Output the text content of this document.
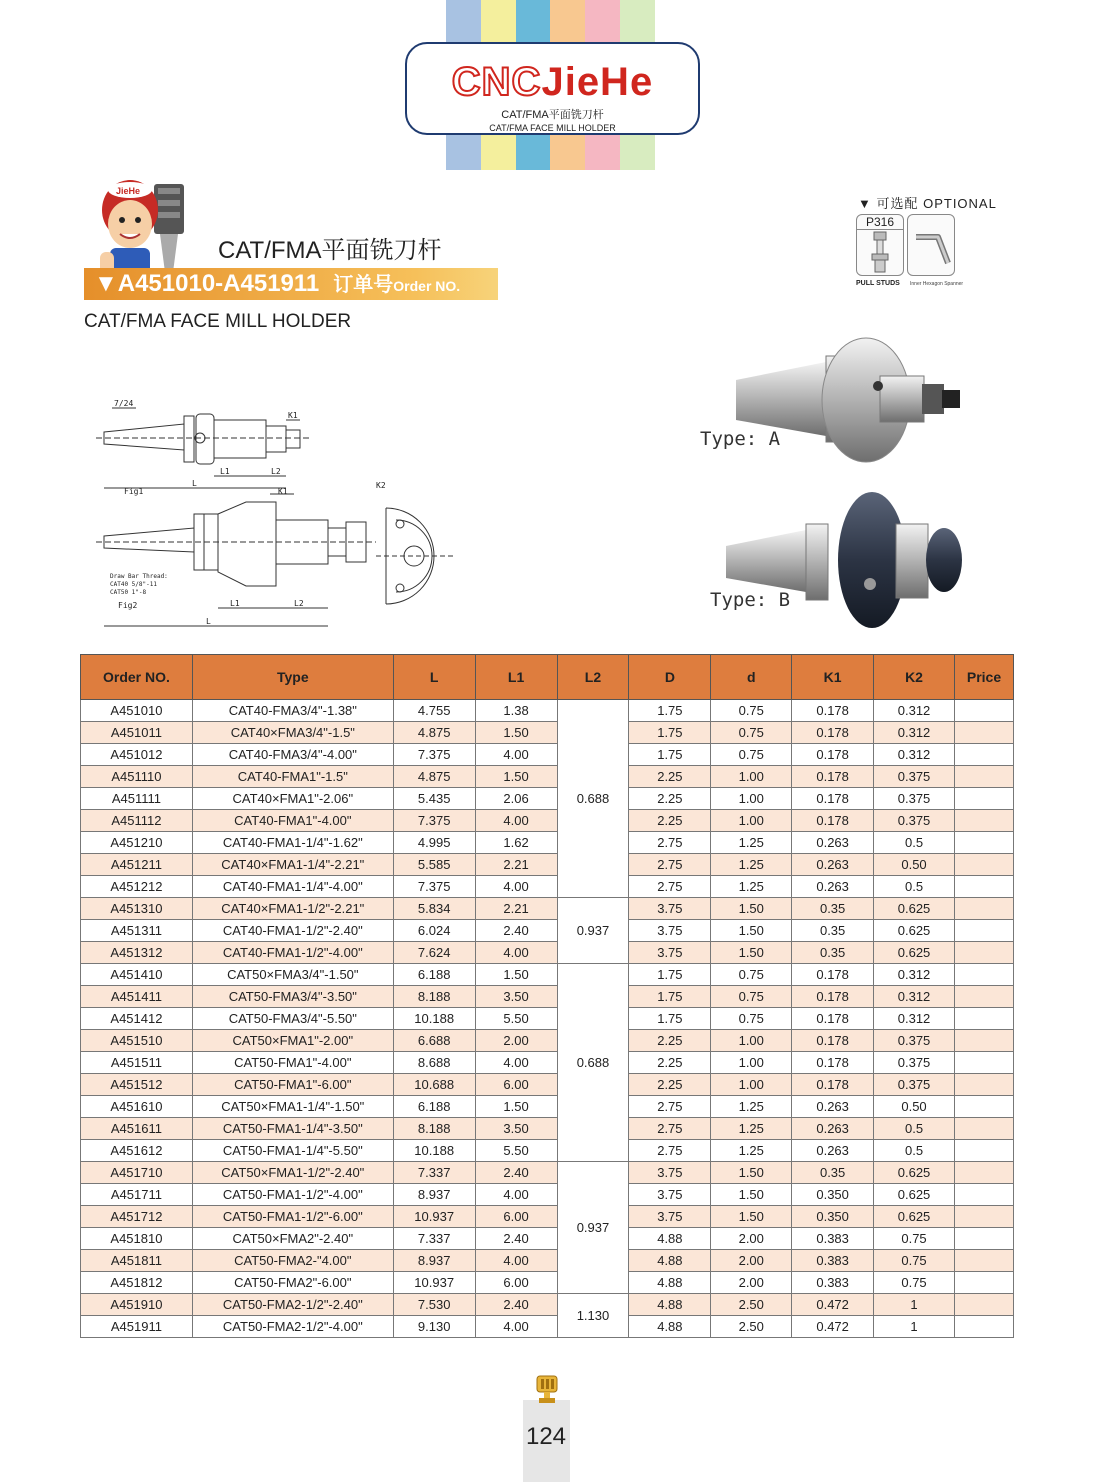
CNCJieHe
CAT/FMA平面铣刀杆
CAT/FMA FACE MILL HOLDER
JieHe
CAT/FMA平面铣刀杆
▼A451010-A451911 订单号Order NO.
CAT/FMA FACE MILL HOLDER
▼ 可选配 OPTIONAL
P316
PULL STUDS Inner Hexagon Spanner
7/24
K1
L1	L2
L
Fig1	K1
K2
Draw Bar Thread:
CAT40 5/8"-11
CAT50 1"-8
Fig2	L1	L2
L
Type: A
Type: B
Order NO.	Type	L	L1	L2	D	d	K1	K2	Price
A451010	CAT40-FMA3/4"-1.38"	4.755	1.38	0.688	1.75	0.75	0.178	0.312	
A451011	CAT40×FMA3/4"-1.5"	4.875	1.50		1.75	0.75	0.178	0.312	
A451012	CAT40-FMA3/4"-4.00"	7.375	4.00		1.75	0.75	0.178	0.312	
A451110	CAT40-FMA1"-1.5"	4.875	1.50		2.25	1.00	0.178	0.375	
A451111	CAT40×FMA1"-2.06"	5.435	2.06		2.25	1.00	0.178	0.375	
A451112	CAT40-FMA1"-4.00"	7.375	4.00		2.25	1.00	0.178	0.375	
A451210	CAT40-FMA1-1/4"-1.62"	4.995	1.62		2.75	1.25	0.263	0.5	
A451211	CAT40×FMA1-1/4"-2.21"	5.585	2.21		2.75	1.25	0.263	0.50	
A451212	CAT40-FMA1-1/4"-4.00"	7.375	4.00		2.75	1.25	0.263	0.5	
A451310	CAT40×FMA1-1/2"-2.21"	5.834	2.21	0.937	3.75	1.50	0.35	0.625	
A451311	CAT40-FMA1-1/2"-2.40"	6.024	2.40		3.75	1.50	0.35	0.625	
A451312	CAT40-FMA1-1/2"-4.00"	7.624	4.00		3.75	1.50	0.35	0.625	
A451410	CAT50×FMA3/4"-1.50"	6.188	1.50	0.688	1.75	0.75	0.178	0.312	
A451411	CAT50-FMA3/4"-3.50"	8.188	3.50		1.75	0.75	0.178	0.312	
A451412	CAT50-FMA3/4"-5.50"	10.188	5.50		1.75	0.75	0.178	0.312	
A451510	CAT50×FMA1"-2.00"	6.688	2.00		2.25	1.00	0.178	0.375	
A451511	CAT50-FMA1"-4.00"	8.688	4.00		2.25	1.00	0.178	0.375	
A451512	CAT50-FMA1"-6.00"	10.688	6.00		2.25	1.00	0.178	0.375	
A451610	CAT50×FMA1-1/4"-1.50"	6.188	1.50		2.75	1.25	0.263	0.50	
A451611	CAT50-FMA1-1/4"-3.50"	8.188	3.50		2.75	1.25	0.263	0.5	
A451612	CAT50-FMA1-1/4"-5.50"	10.188	5.50		2.75	1.25	0.263	0.5	
A451710	CAT50×FMA1-1/2"-2.40"	7.337	2.40	0.937	3.75	1.50	0.35	0.625	
A451711	CAT50-FMA1-1/2"-4.00"	8.937	4.00		3.75	1.50	0.350	0.625	
A451712	CAT50-FMA1-1/2"-6.00"	10.937	6.00		3.75	1.50	0.350	0.625	
A451810	CAT50×FMA2"-2.40"	7.337	2.40		4.88	2.00	0.383	0.75	
A451811	CAT50-FMA2-"4.00"	8.937	4.00		4.88	2.00	0.383	0.75	
A451812	CAT50-FMA2"-6.00"	10.937	6.00		4.88	2.00	0.383	0.75	
A451910	CAT50-FMA2-1/2"-2.40"	7.530	2.40	1.130	4.88	2.50	0.472	1	
A451911	CAT50-FMA2-1/2"-4.00"	9.130	4.00		4.88	2.50	0.472	1	
124
